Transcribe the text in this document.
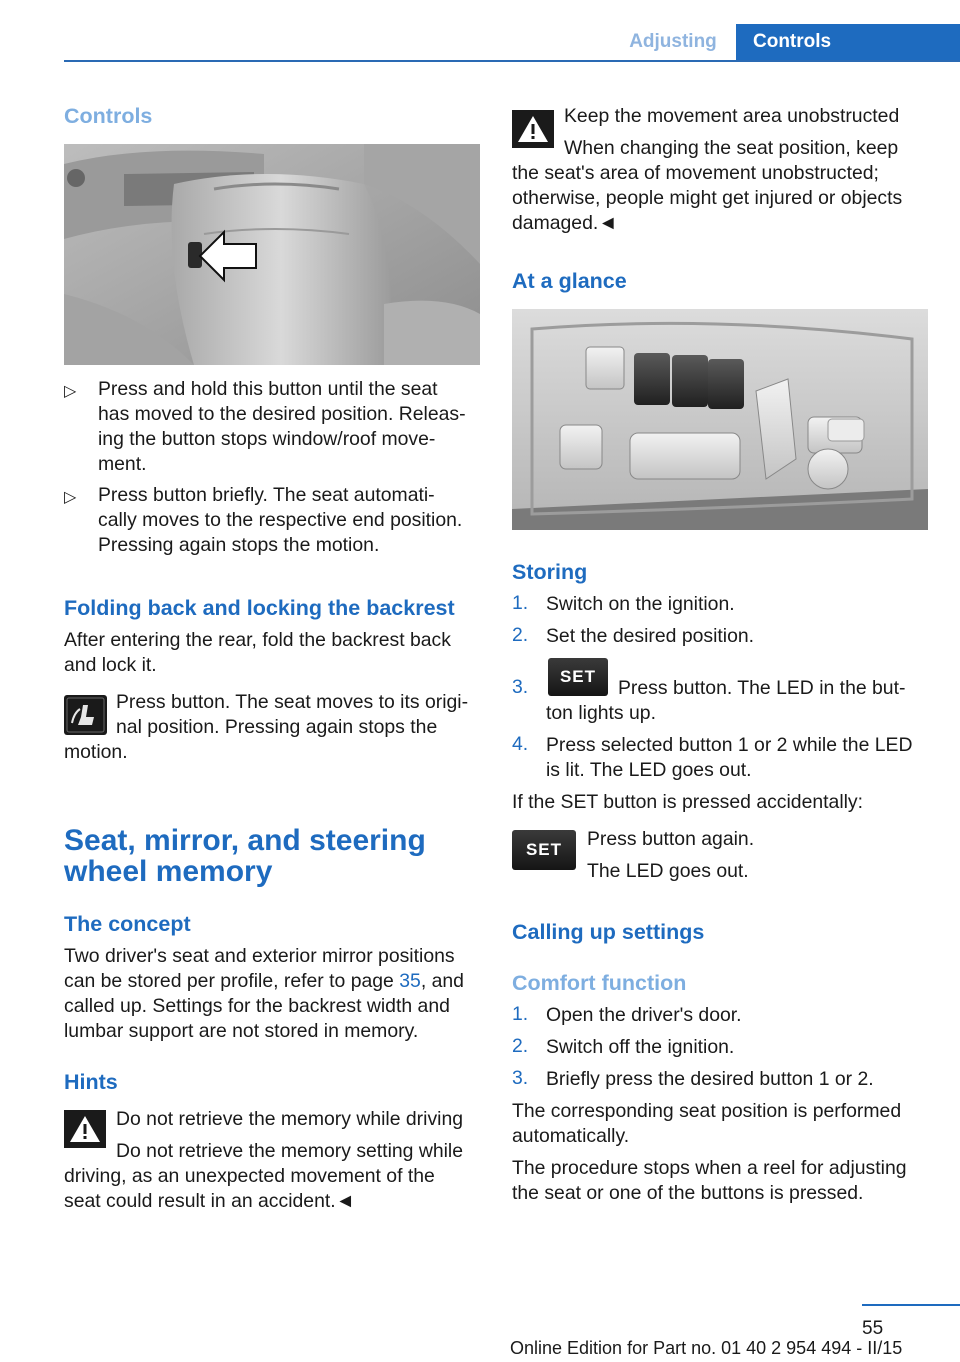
Adjusting	Controls
Controls
▷ Press and hold this button until the seat
has moved to the desired position. Releas-
ing the button stops window/roof move-
ment.
▷ Press button briefly. The seat automati-
cally moves to the respective end position.
Pressing again stops the motion.
Folding back and locking the backrest
After entering the rear, fold the backrest back
and lock it.
Press button. The seat moves to its origi-
nal position. Pressing again stops the
motion.
Seat, mirror, and steering
wheel memory
The concept
Two driver's seat and exterior mirror positions
can be stored per profile, refer to page 35, and
called up. Settings for the backrest width and
lumbar support are not stored in memory.
Hints
Do not retrieve the memory while driving
Do not retrieve the memory setting while
driving, as an unexpected movement of the
seat could result in an accident.◄
Keep the movement area unobstructed
When changing the seat position, keep
the seat's area of movement unobstructed;
otherwise, people might get injured or objects
damaged.◄
At a glance
Storing
1. Switch on the ignition.
2. Set the desired position.
3.	SET
Press button. The LED in the but-
ton lights up.
4. Press selected button 1 or 2 while the LED
is lit. The LED goes out.
If the SET button is pressed accidentally:
SET	Press button again.
The LED goes out.
Calling up settings
Comfort function
1. Open the driver's door.
2. Switch off the ignition.
3. Briefly press the desired button 1 or 2.
The corresponding seat position is performed
automatically.
The procedure stops when a reel for adjusting
the seat or one of the buttons is pressed.
55
Online Edition for Part no. 01 40 2 954 494 - II/15
